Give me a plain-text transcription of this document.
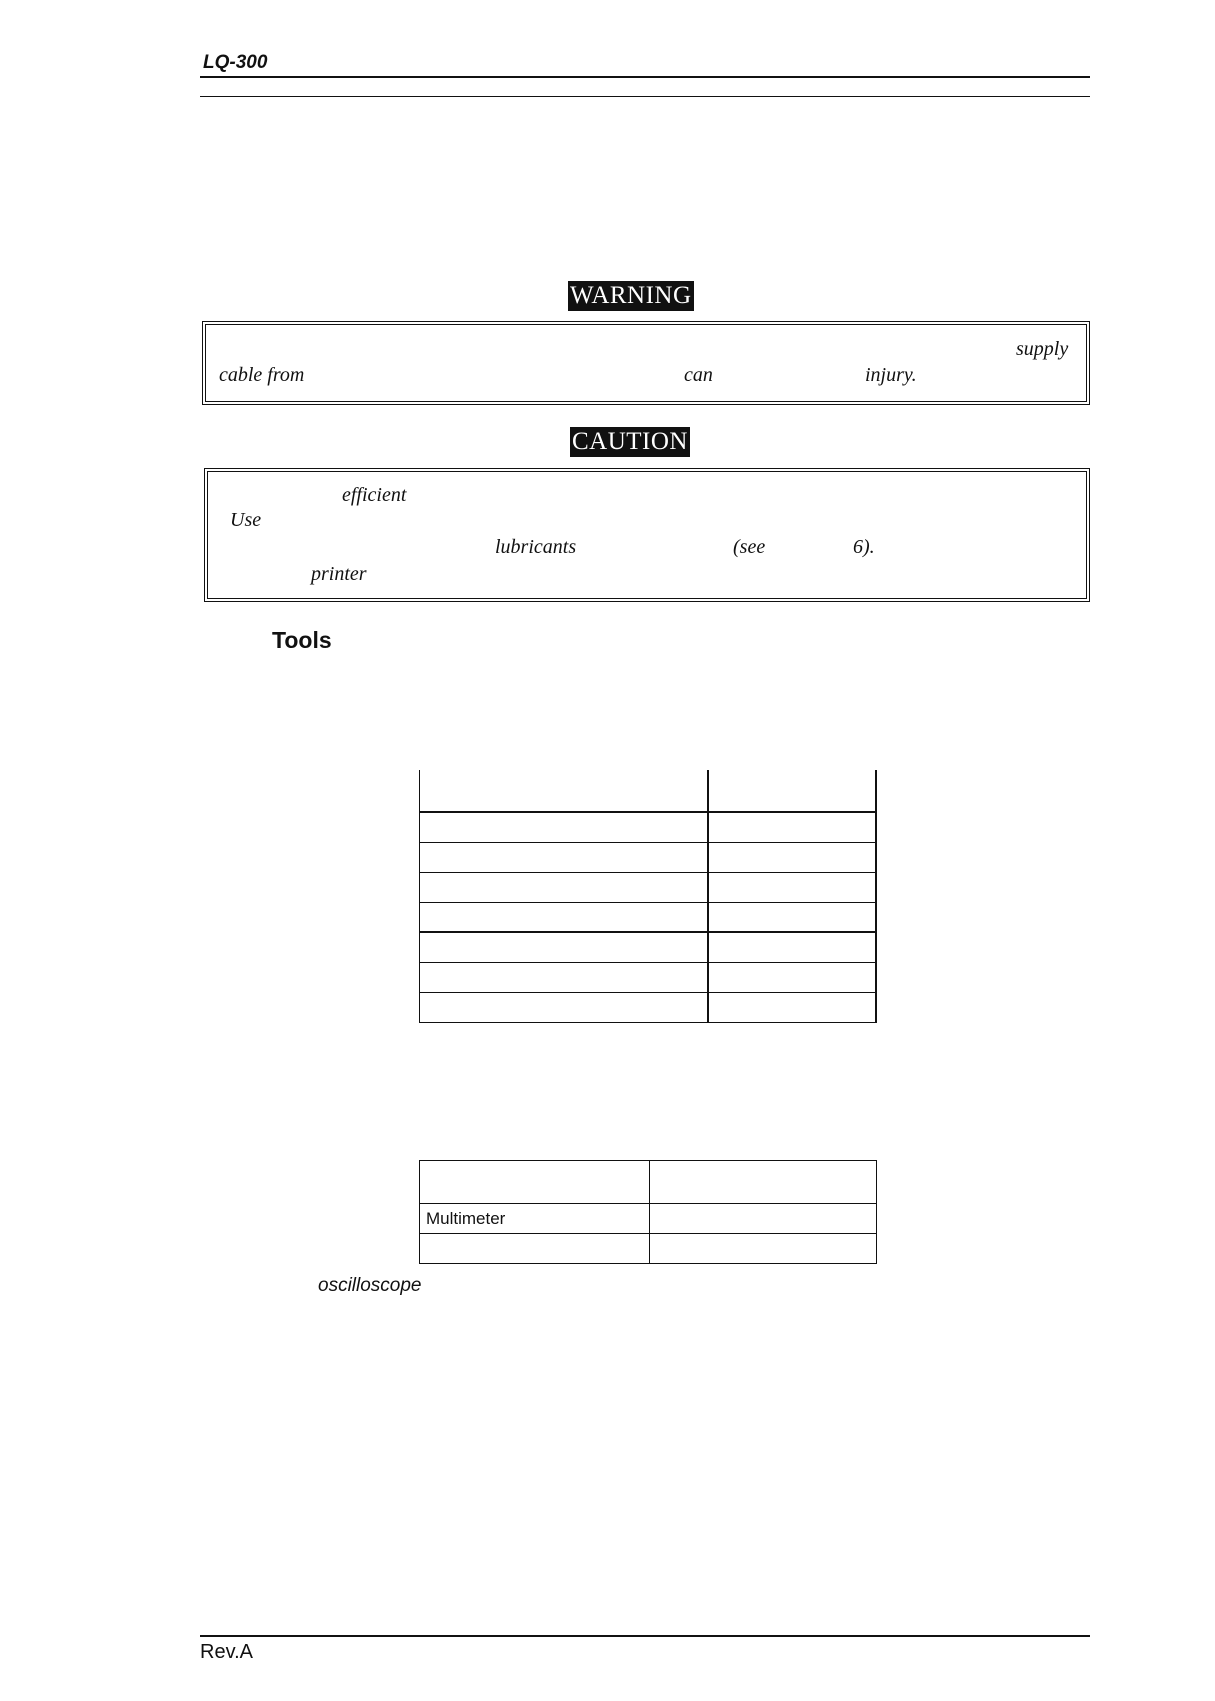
LQ-300
WARNING
supply
cable from	can	injury.
CAUTION
efficient
Use
lubricants	(see	6).
printer
Tools

Multimeter	

oscilloscope
Rev.A
